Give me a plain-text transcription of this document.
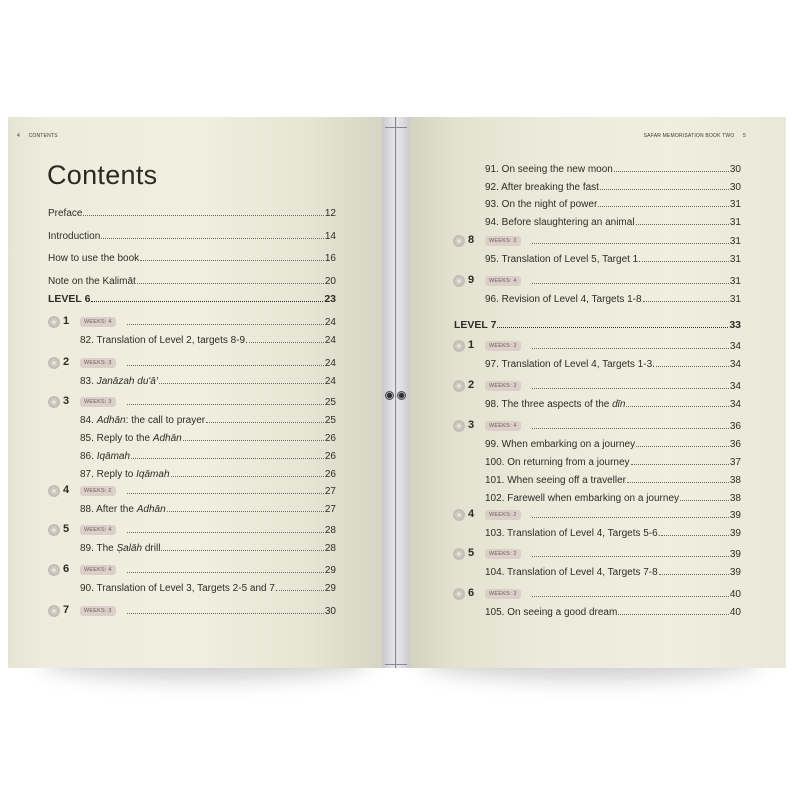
4 CONTENTS	SAFAR MEMORISATION BOOK TWO 5
Contents
Preface	12
Introduction	14
How to use the book	16
Note on the Kalimāt	20
LEVEL 6	23
1	WEEKS: 4	24
82. Translation of Level 2, targets 8-9.	24
2	WEEKS: 3	24
83. Janāzah du'ā'	24
3	WEEKS: 3	25
84. Adhān: the call to prayer	25
85. Reply to the Adhān	26
86. Iqāmah	26
87. Reply to Iqāmah	26
4	WEEKS: 2	27
88. After the Adhān	27
5	WEEKS: 4	28
89. The Ṣalāh drill	28
6	WEEKS: 4	29
90. Translation of Level 3, Targets 2-5 and 7.	29
7	WEEKS: 3	30
91. On seeing the new moon	30
92. After breaking the fast	30
93. On the night of power	31
94. Before slaughtering an animal	31
8	WEEKS: 2	31
95. Translation of Level 5, Target 1.	31
9	WEEKS: 4	31
96. Revision of Level 4, Targets 1-8	31
LEVEL 7	33
1	WEEKS: 3	34
97. Translation of Level 4, Targets 1-3.	34
2	WEEKS: 3	34
98. The three aspects of the dīn	34
3	WEEKS: 4	36
99. When embarking on a journey	36
100. On returning from a journey	37
101. When seeing off a traveller	38
102. Farewell when embarking on a journey	38
4	WEEKS: 2	39
103. Translation of Level 4, Targets 5-6.	39
5	WEEKS: 2	39
104. Translation of Level 4, Targets 7-8	39
6	WEEKS: 3	40
105. On seeing a good dream	40
